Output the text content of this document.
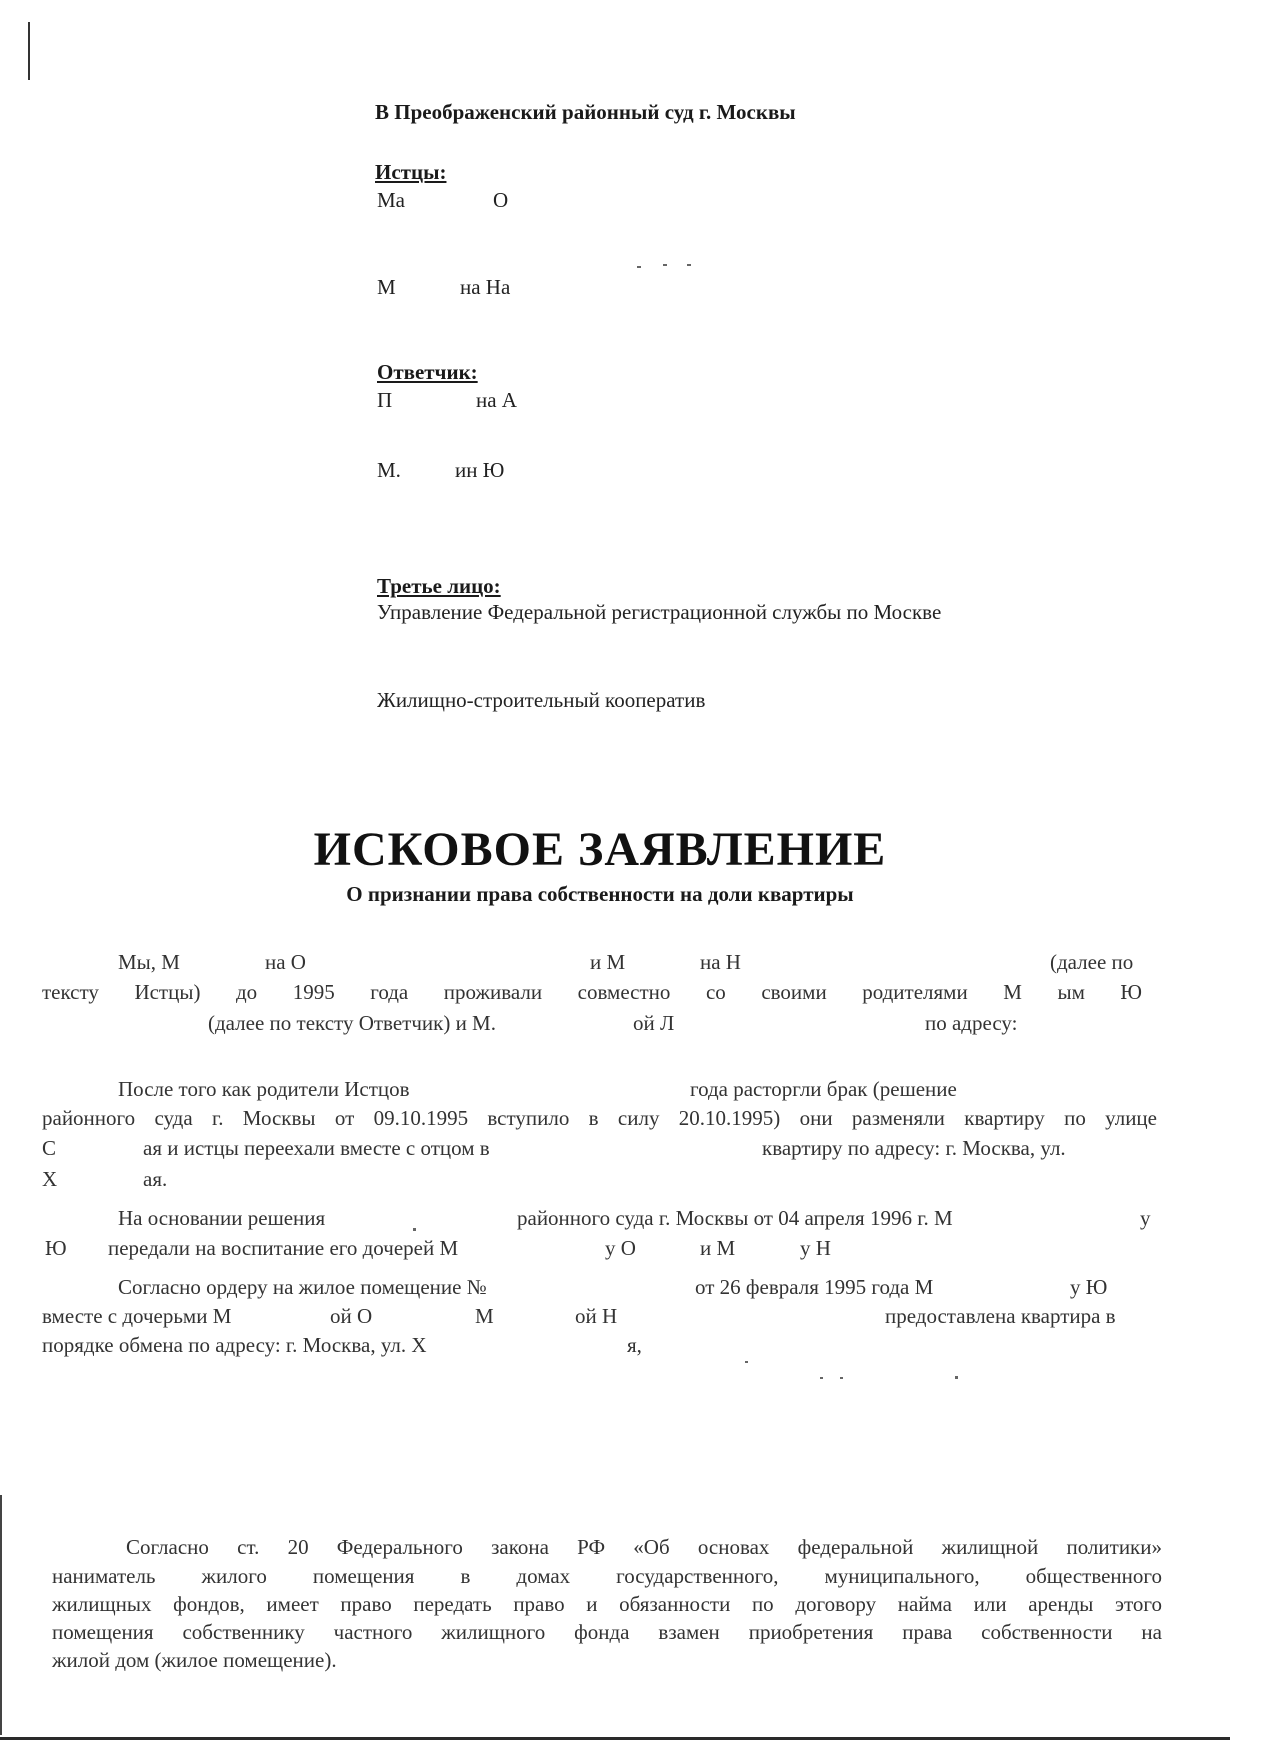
В Преображенский районный суд г. Москвы
Истцы:
Ма	О
М	на На
Ответчик:
П	на А
М.	ин Ю
Третье лицо:
Управление Федеральной регистрационной службы по Москве
Жилищно-строительный кооператив
ИСКОВОЕ ЗАЯВЛЕНИЕ
О признании права собственности на доли квартиры
Мы, М	на О	и М	на Н	(далее по
тексту Истцы) до 1995 года проживали совместно со своими родителями М ым Ю
(далее по тексту Ответчик) и М.	ой Л	по адресу:
После того как родители Истцов	года расторгли брак (решение
районного суда г. Москвы от 09.10.1995 вступило в силу 20.10.1995) они разменяли квартиру по улице
С	ая и истцы переехали вместе с отцом в	квартиру по адресу: г. Москва, ул.
Х	ая.
На основании решения	районного суда г. Москвы от 04 апреля 1996 г. М	у
Ю передали на воспитание его дочерей М	у О	и М	у Н
Согласно ордеру на жилое помещение №	от 26 февраля 1995 года М	у Ю
вместе с дочерьми М	ой О	М	ой Н	предоставлена квартира в
порядке обмена по адресу: г. Москва, ул. Х	я,
Согласно ст. 20 Федерального закона РФ «Об основах федеральной жилищной политики»
наниматель жилого помещения в домах государственного, муниципального, общественного
жилищных фондов, имеет право передать право и обязанности по договору найма или аренды этого
помещения собственнику частного жилищного фонда взамен приобретения права собственности на
жилой дом (жилое помещение).
